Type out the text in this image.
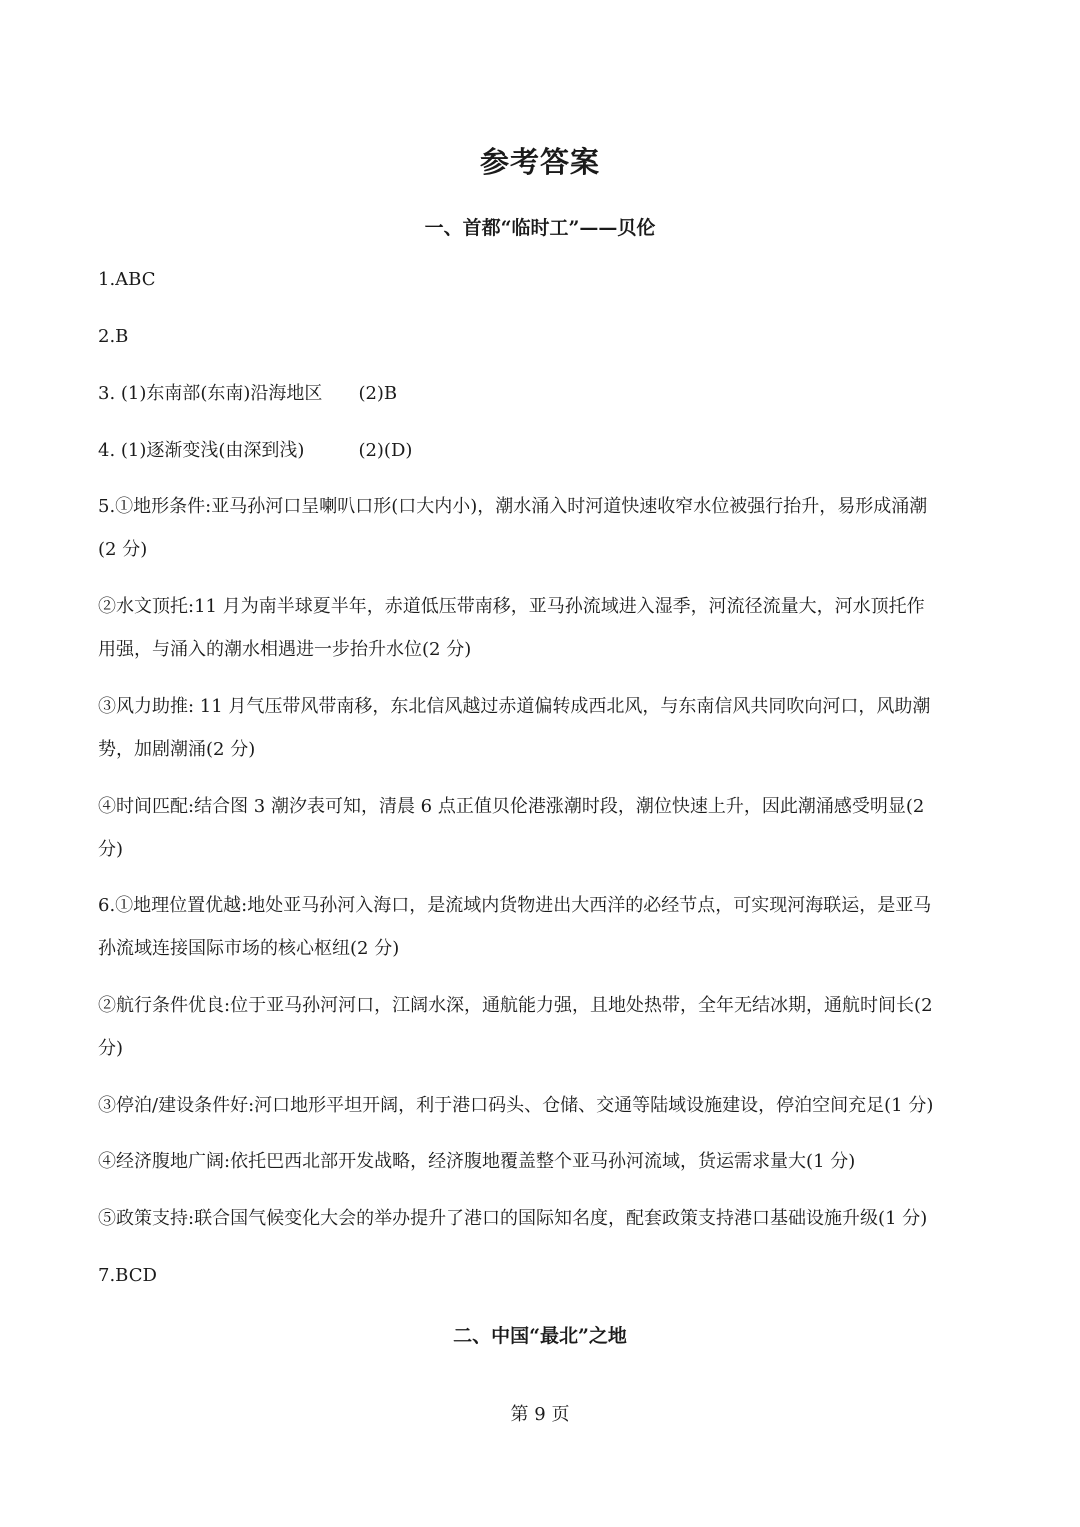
参考答案
一、首都“临时工”——贝伦
1.ABC
2.B
3. (1)东南部(东南)沿海地区 (2)B
4. (1)逐渐变浅(由深到浅)	(2)(D)
5.①地形条件:亚马孙河口呈喇叭口形(口大内小)，潮水涌入时河道快速收窄水位被强行抬升，易形成涌潮
(2 分)
②水文顶托:11 月为南半球夏半年，赤道低压带南移，亚马孙流域进入湿季，河流径流量大，河水顶托作
用强，与涌入的潮水相遇进一步抬升水位(2 分)
③风力助推: 11 月气压带风带南移，东北信风越过赤道偏转成西北风，与东南信风共同吹向河口，风助潮
势，加剧潮涌(2 分)
④时间匹配:结合图 3 潮汐表可知，清晨 6 点正值贝伦港涨潮时段，潮位快速上升，因此潮涌感受明显(2
分)
6.①地理位置优越:地处亚马孙河入海口，是流域内货物进出大西洋的必经节点，可实现河海联运，是亚马
孙流域连接国际市场的核心枢纽(2 分)
②航行条件优良:位于亚马孙河河口，江阔水深，通航能力强，且地处热带，全年无结冰期，通航时间长(2
分)
③停泊/建设条件好:河口地形平坦开阔，利于港口码头、仓储、交通等陆域设施建设，停泊空间充足(1 分)
④经济腹地广阔:依托巴西北部开发战略，经济腹地覆盖整个亚马孙河流域，货运需求量大(1 分)
⑤政策支持:联合国气候变化大会的举办提升了港口的国际知名度，配套政策支持港口基础设施升级(1 分)
7.BCD
二、中国“最北”之地
第 9 页
